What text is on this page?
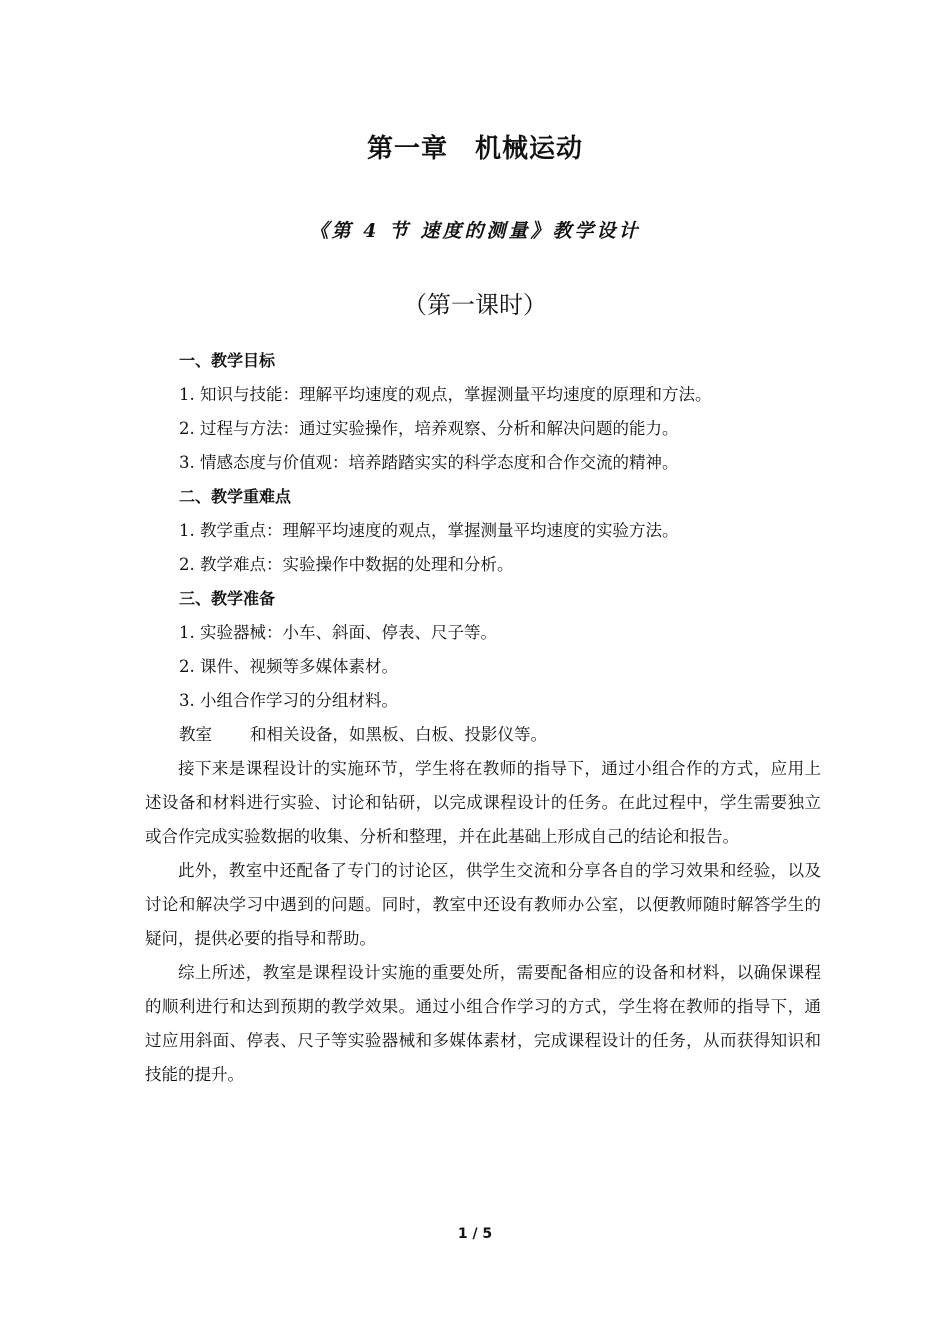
第一章　机械运动
《第 4 节 速度的测量》教学设计
（第一课时）
一、教学目标
1. 知识与技能：理解平均速度的观点，掌握测量平均速度的原理和方法。
2. 过程与方法：通过实验操作，培养观察、分析和解决问题的能力。
3. 情感态度与价值观：培养踏踏实实的科学态度和合作交流的精神。
二、教学重难点
1. 教学重点：理解平均速度的观点，掌握测量平均速度的实验方法。
2. 教学难点：实验操作中数据的处理和分析。
三、教学准备
1. 实验器械：小车、斜面、停表、尺子等。
2. 课件、视频等多媒体素材。
3. 小组合作学习的分组材料。
教室 和相关设备，如黑板、白板、投影仪等。

接下来是课程设计的实施环节，学生将在教师的指导下，通过小组合作的方式，应用上述设备和材料进行实验、讨论和钻研，以完成课程设计的任务。在此过程中，学生需要独立或合作完成实验数据的收集、分析和整理，并在此基础上形成自己的结论和报告。

此外，教室中还配备了专门的讨论区，供学生交流和分享各自的学习效果和经验，以及讨论和解决学习中遇到的问题。同时，教室中还设有教师办公室，以便教师随时解答学生的疑问，提供必要的指导和帮助。

综上所述，教室是课程设计实施的重要处所，需要配备相应的设备和材料，以确保课程的顺利进行和达到预期的教学效果。通过小组合作学习的方式，学生将在教师的指导下，通过应用斜面、停表、尺子等实验器械和多媒体素材，完成课程设计的任务，从而获得知识和技能的提升。

1 / 5
